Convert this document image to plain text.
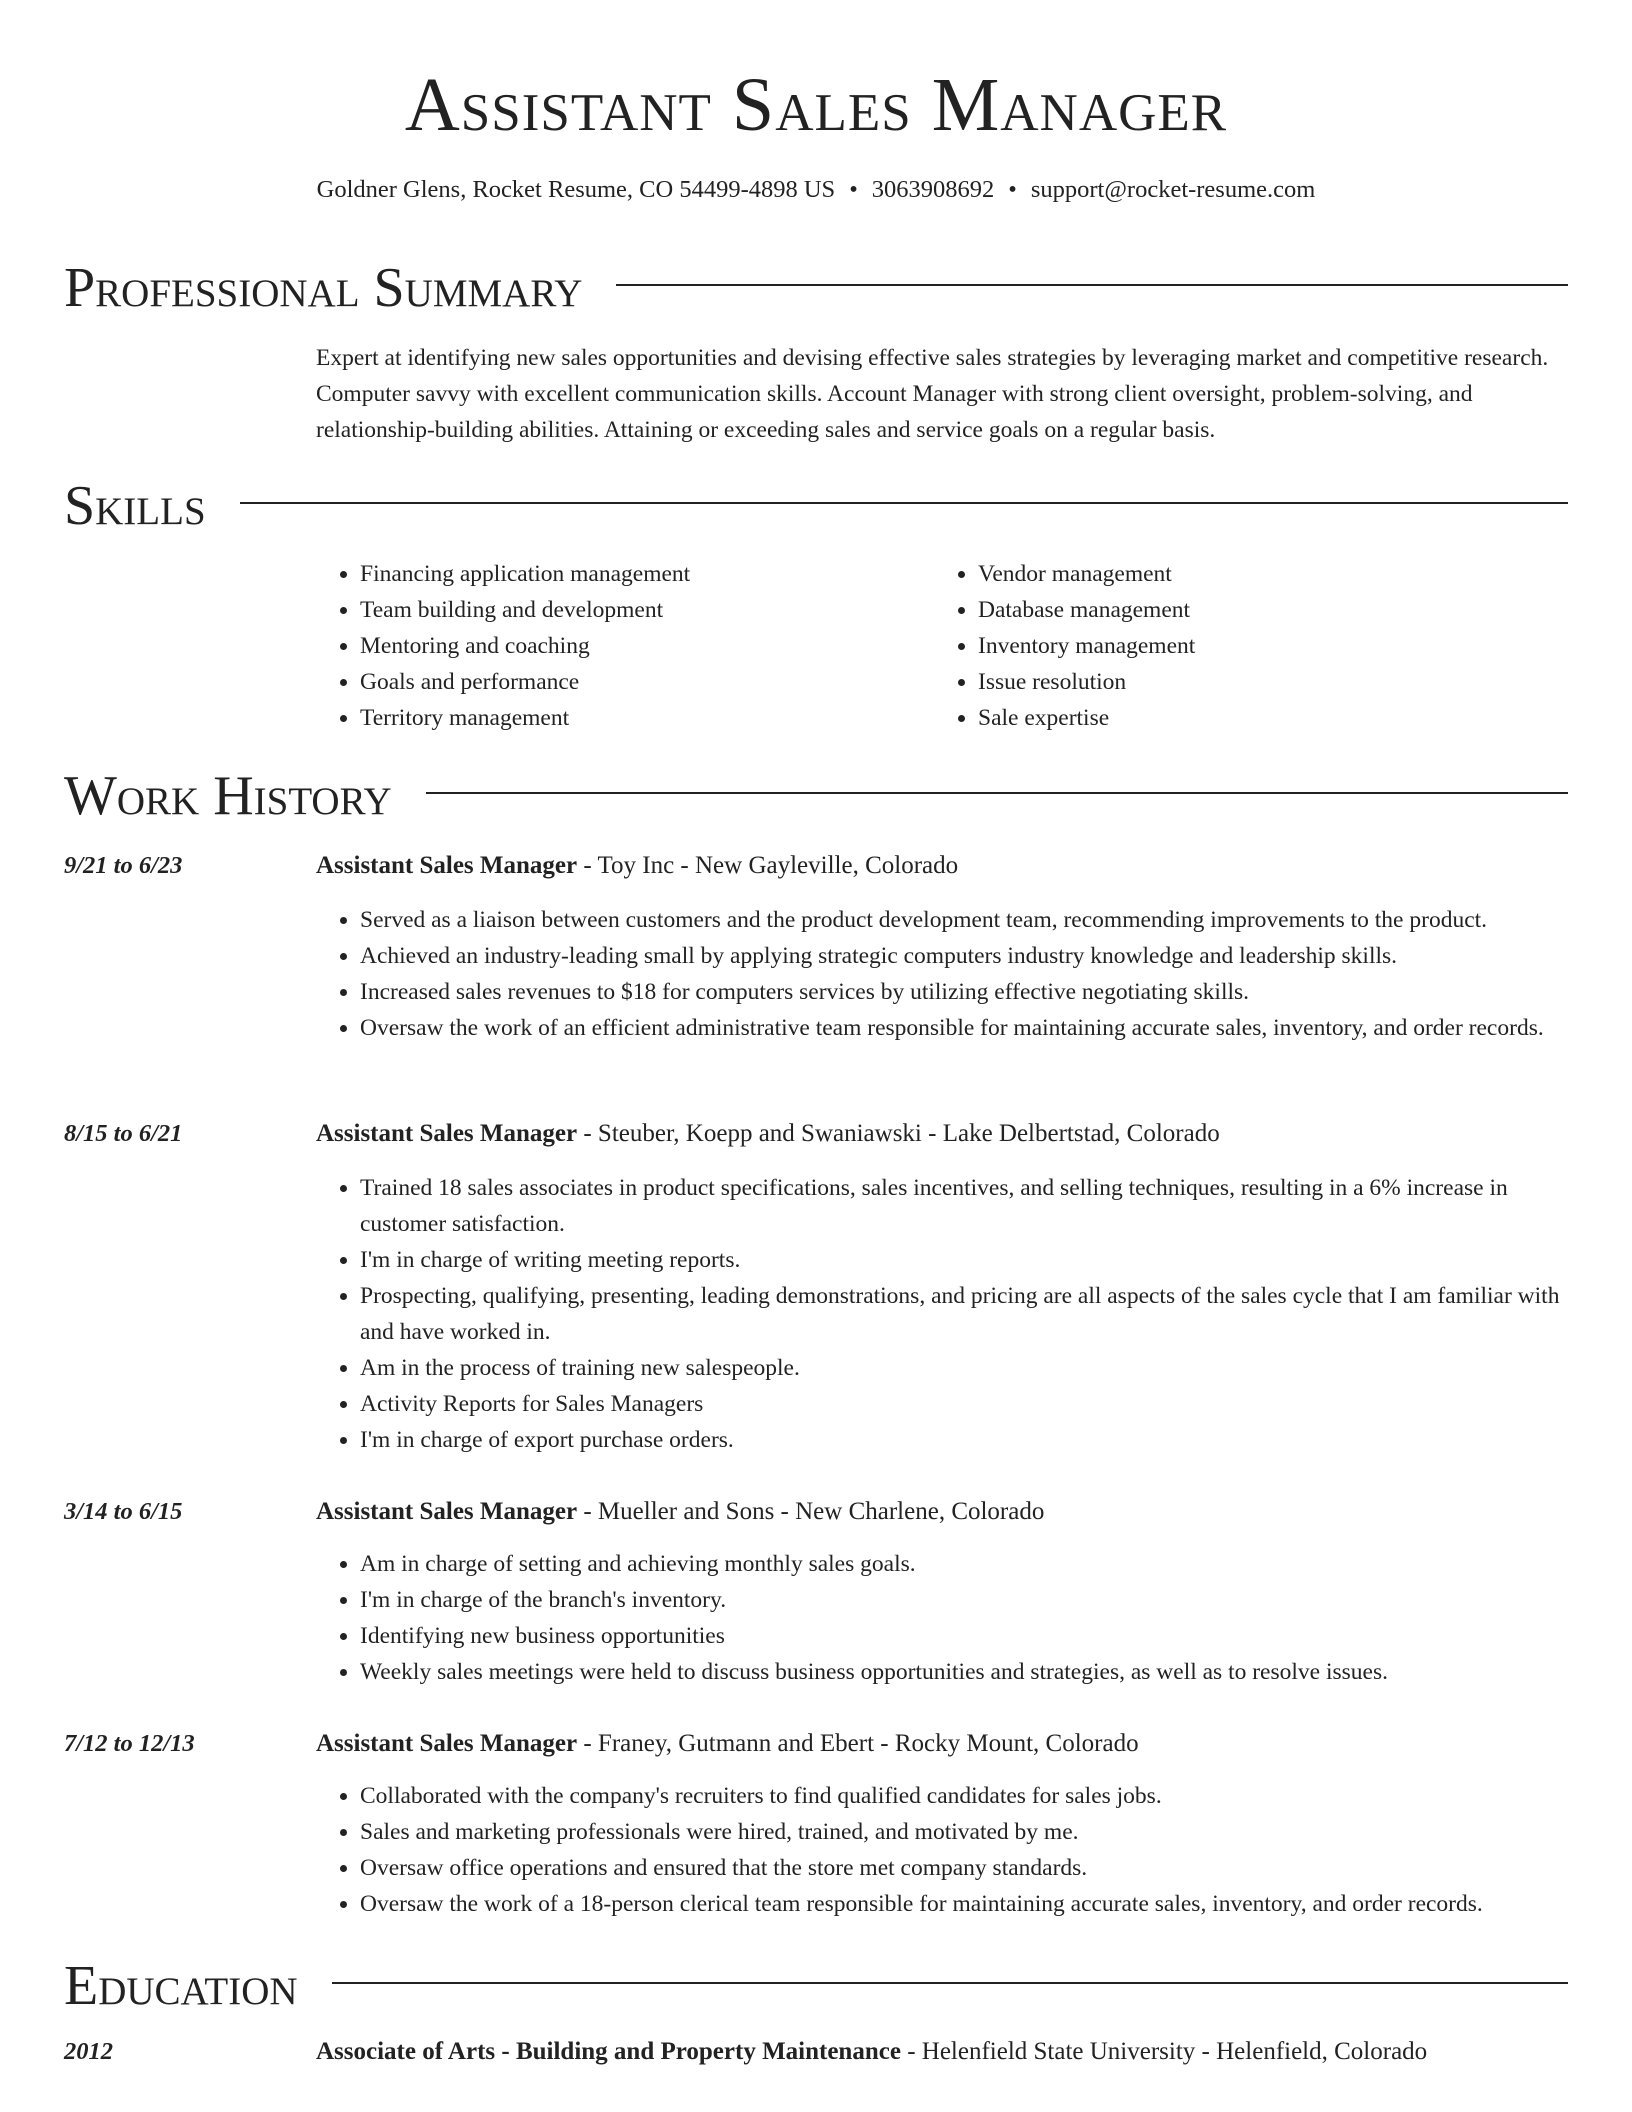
Assistant Sales Manager
Goldner Glens, Rocket Resume, CO 54499-4898 US • 3063908692 • support@rocket-resume.com
Professional Summary
Expert at identifying new sales opportunities and devising effective sales strategies by leveraging market and competitive research. Computer savvy with excellent communication skills. Account Manager with strong client oversight, problem-solving, and relationship-building abilities. Attaining or exceeding sales and service goals on a regular basis.
Skills
• Financing application management
• Team building and development
• Mentoring and coaching
• Goals and performance
• Territory management
• Vendor management
• Database management
• Inventory management
• Issue resolution
• Sale expertise
Work History
9/21 to 6/23	Assistant Sales Manager - Toy Inc - New Gayleville, Colorado
• Served as a liaison between customers and the product development team, recommending improvements to the product.
• Achieved an industry-leading small by applying strategic computers industry knowledge and leadership skills.
• Increased sales revenues to $18 for computers services by utilizing effective negotiating skills.
• Oversaw the work of an efficient administrative team responsible for maintaining accurate sales, inventory, and order records.
8/15 to 6/21	Assistant Sales Manager - Steuber, Koepp and Swaniawski - Lake Delbertstad, Colorado
• Trained 18 sales associates in product specifications, sales incentives, and selling techniques, resulting in a 6% increase in customer satisfaction.
• I'm in charge of writing meeting reports.
• Prospecting, qualifying, presenting, leading demonstrations, and pricing are all aspects of the sales cycle that I am familiar with and have worked in.
• Am in the process of training new salespeople.
• Activity Reports for Sales Managers
• I'm in charge of export purchase orders.
3/14 to 6/15	Assistant Sales Manager - Mueller and Sons - New Charlene, Colorado
• Am in charge of setting and achieving monthly sales goals.
• I'm in charge of the branch's inventory.
• Identifying new business opportunities
• Weekly sales meetings were held to discuss business opportunities and strategies, as well as to resolve issues.
7/12 to 12/13	Assistant Sales Manager - Franey, Gutmann and Ebert - Rocky Mount, Colorado
• Collaborated with the company's recruiters to find qualified candidates for sales jobs.
• Sales and marketing professionals were hired, trained, and motivated by me.
• Oversaw office operations and ensured that the store met company standards.
• Oversaw the work of a 18-person clerical team responsible for maintaining accurate sales, inventory, and order records.
Education
2012	Associate of Arts - Building and Property Maintenance - Helenfield State University - Helenfield, Colorado
